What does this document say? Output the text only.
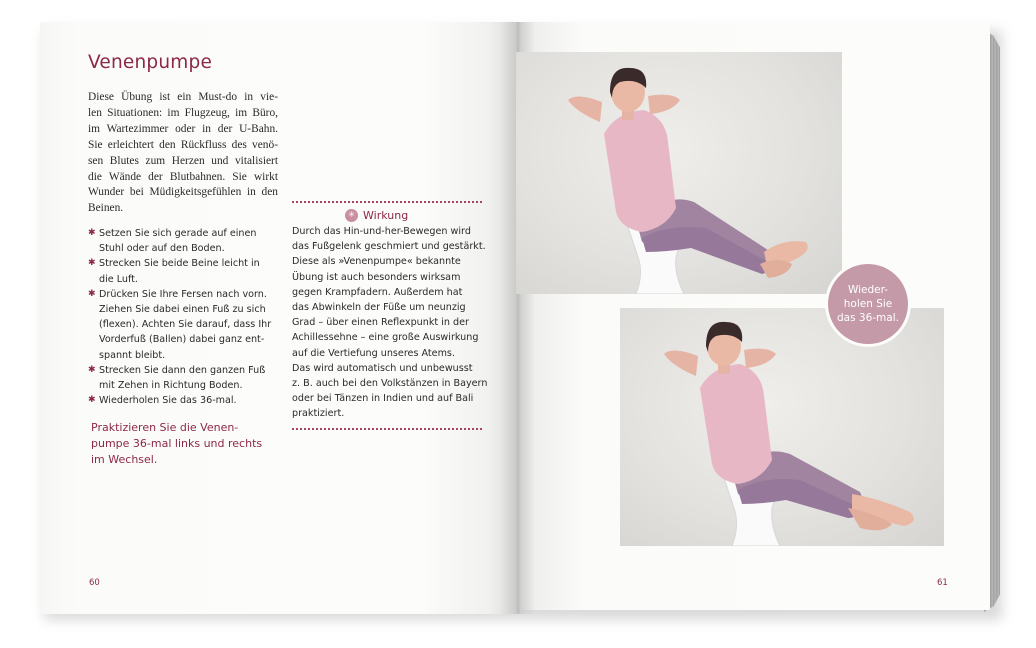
Venenpumpe
Diese Übung ist ein Must-do in vie-
len Situationen: im Flugzeug, im Büro,
im Wartezimmer oder in der U-Bahn.
Sie erleichtert den Rückfluss des venö-
sen Blutes zum Herzen und vitalisiert
die Wände der Blutbahnen. Sie wirkt
Wunder bei Müdigkeitsgefühlen in den
Beinen.
✱ Setzen Sie sich gerade auf einen
Stuhl oder auf den Boden.
✱ Strecken Sie beide Beine leicht in
die Luft.
✱ Drücken Sie Ihre Fersen nach vorn.
Ziehen Sie dabei einen Fuß zu sich
(flexen). Achten Sie darauf, dass Ihr
Vorderfuß (Ballen) dabei ganz ent-
spannt bleibt.
✱ Strecken Sie dann den ganzen Fuß
mit Zehen in Richtung Boden.
✱ Wiederholen Sie das 36-mal.
Praktizieren Sie die Venen-
pumpe 36-mal links und rechts
im Wechsel.
60
✳ Wirkung
Durch das Hin-und-her-Bewegen wird
das Fußgelenk geschmiert und gestärkt.
Diese als »Venenpumpe« bekannte
Übung ist auch besonders wirksam
gegen Krampfadern. Außerdem hat
das Abwinkeln der Füße um neunzig
Grad – über einen Reflexpunkt in der
Achillessehne – eine große Auswirkung
auf die Vertiefung unseres Atems.
Das wird automatisch und unbewusst
z. B. auch bei den Volkstänzen in Bayern
oder bei Tänzen in Indien und auf Bali
praktiziert.
Wieder-
holen Sie
das 36-mal.
61
